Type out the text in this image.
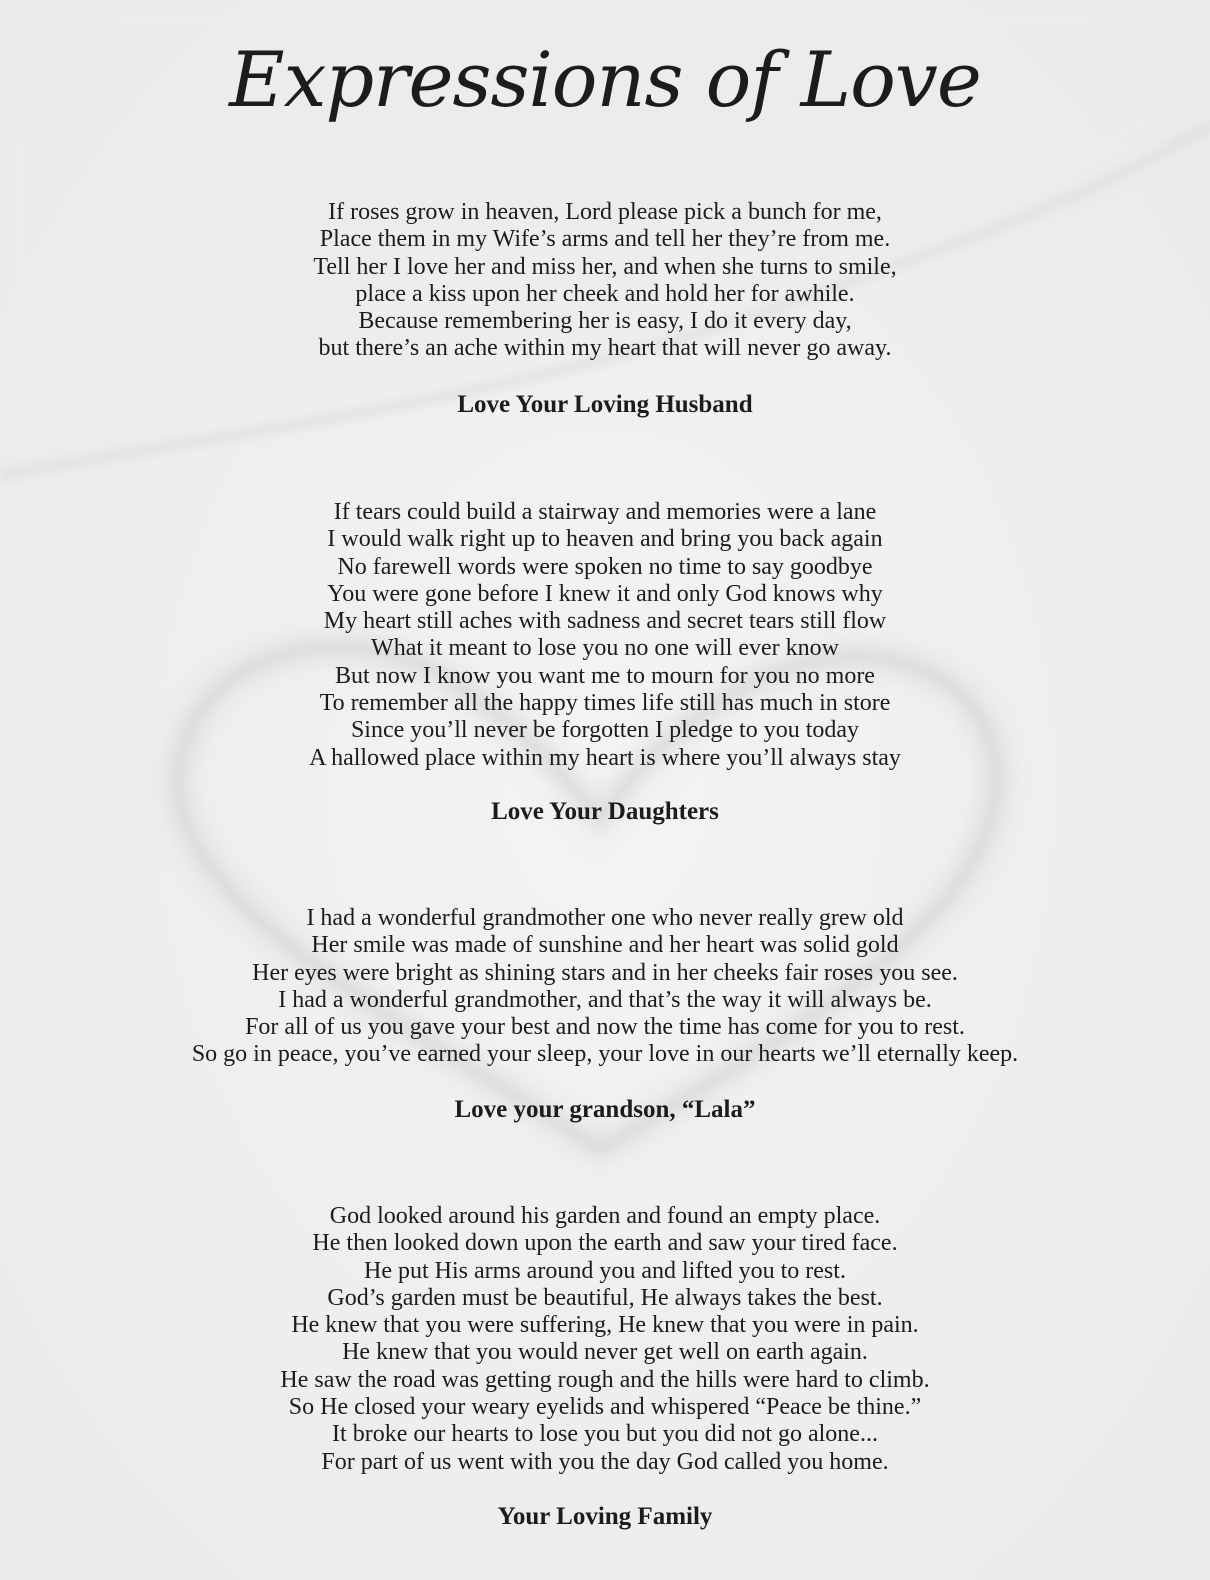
Expressions of Love
If roses grow in heaven, Lord please pick a bunch for me,
Place them in my Wife’s arms and tell her they’re from me.
Tell her I love her and miss her, and when she turns to smile,
place a kiss upon her cheek and hold her for awhile.
Because remembering her is easy, I do it every day,
but there’s an ache within my heart that will never go away.
Love Your Loving Husband
If tears could build a stairway and memories were a lane
I would walk right up to heaven and bring you back again
No farewell words were spoken no time to say goodbye
You were gone before I knew it and only God knows why
My heart still aches with sadness and secret tears still flow
What it meant to lose you no one will ever know
But now I know you want me to mourn for you no more
To remember all the happy times life still has much in store
Since you’ll never be forgotten I pledge to you today
A hallowed place within my heart is where you’ll always stay
Love Your Daughters
I had a wonderful grandmother one who never really grew old
Her smile was made of sunshine and her heart was solid gold
Her eyes were bright as shining stars and in her cheeks fair roses you see.
I had a wonderful grandmother, and that’s the way it will always be.
For all of us you gave your best and now the time has come for you to rest.
So go in peace, you’ve earned your sleep, your love in our hearts we’ll eternally keep.
Love your grandson, “Lala”
God looked around his garden and found an empty place.
He then looked down upon the earth and saw your tired face.
He put His arms around you and lifted you to rest.
God’s garden must be beautiful, He always takes the best.
He knew that you were suffering, He knew that you were in pain.
He knew that you would never get well on earth again.
He saw the road was getting rough and the hills were hard to climb.
So He closed your weary eyelids and whispered “Peace be thine.”
It broke our hearts to lose you but you did not go alone...
For part of us went with you the day God called you home.
Your Loving Family
